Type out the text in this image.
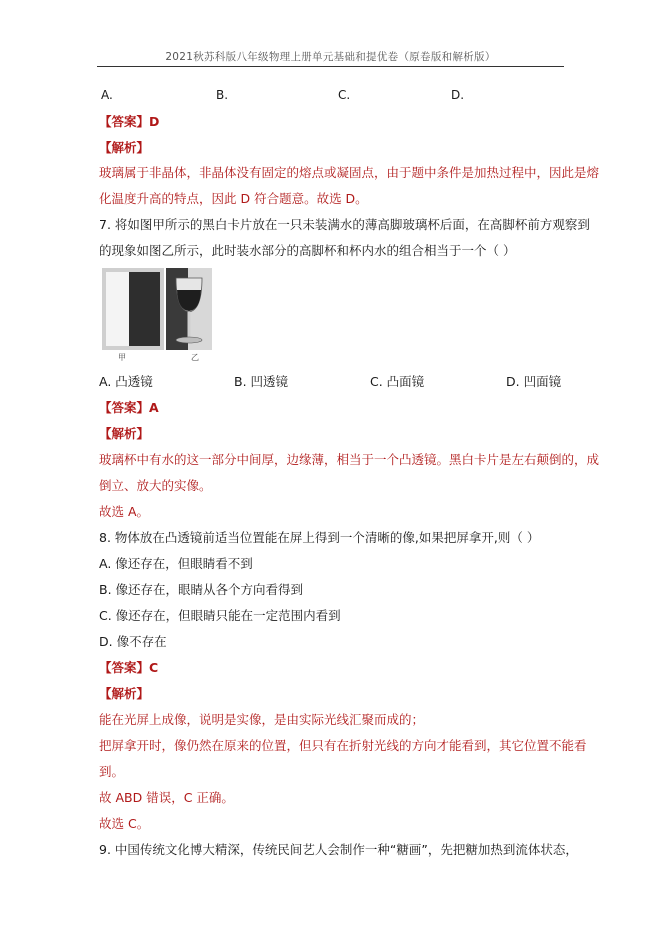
2021秋苏科版八年级物理上册单元基础和提优卷（原卷版和解析版）
A.	B.	C.	D.
【答案】D
【解析】
玻璃属于非晶体，非晶体没有固定的熔点或凝固点，由于题中条件是加热过程中，因此是熔
化温度升高的特点，因此 D 符合题意。故选 D。
7. 将如图甲所示的黑白卡片放在一只未装满水的薄高脚玻璃杯后面，在高脚杯前方观察到
的现象如图乙所示，此时装水部分的高脚杯和杯内水的组合相当于一个（ ）
甲	乙
A. 凸透镜	B. 凹透镜	C. 凸面镜	D. 凹面镜
【答案】A
【解析】
玻璃杯中有水的这一部分中间厚，边缘薄，相当于一个凸透镜。黑白卡片是左右颠倒的，成
倒立、放大的实像。
故选 A。
8. 物体放在凸透镜前适当位置能在屏上得到一个清晰的像,如果把屏拿开,则（ ）
A. 像还存在，但眼睛看不到
B. 像还存在，眼睛从各个方向看得到
C. 像还存在，但眼睛只能在一定范围内看到
D. 像不存在
【答案】C
【解析】
能在光屏上成像，说明是实像，是由实际光线汇聚而成的；
把屏拿开时，像仍然在原来的位置，但只有在折射光线的方向才能看到，其它位置不能看
到。
故 ABD 错误，C 正确。
故选 C。
9. 中国传统文化博大精深，传统民间艺人会制作一种“糖画”，先把糖加热到流体状态，
